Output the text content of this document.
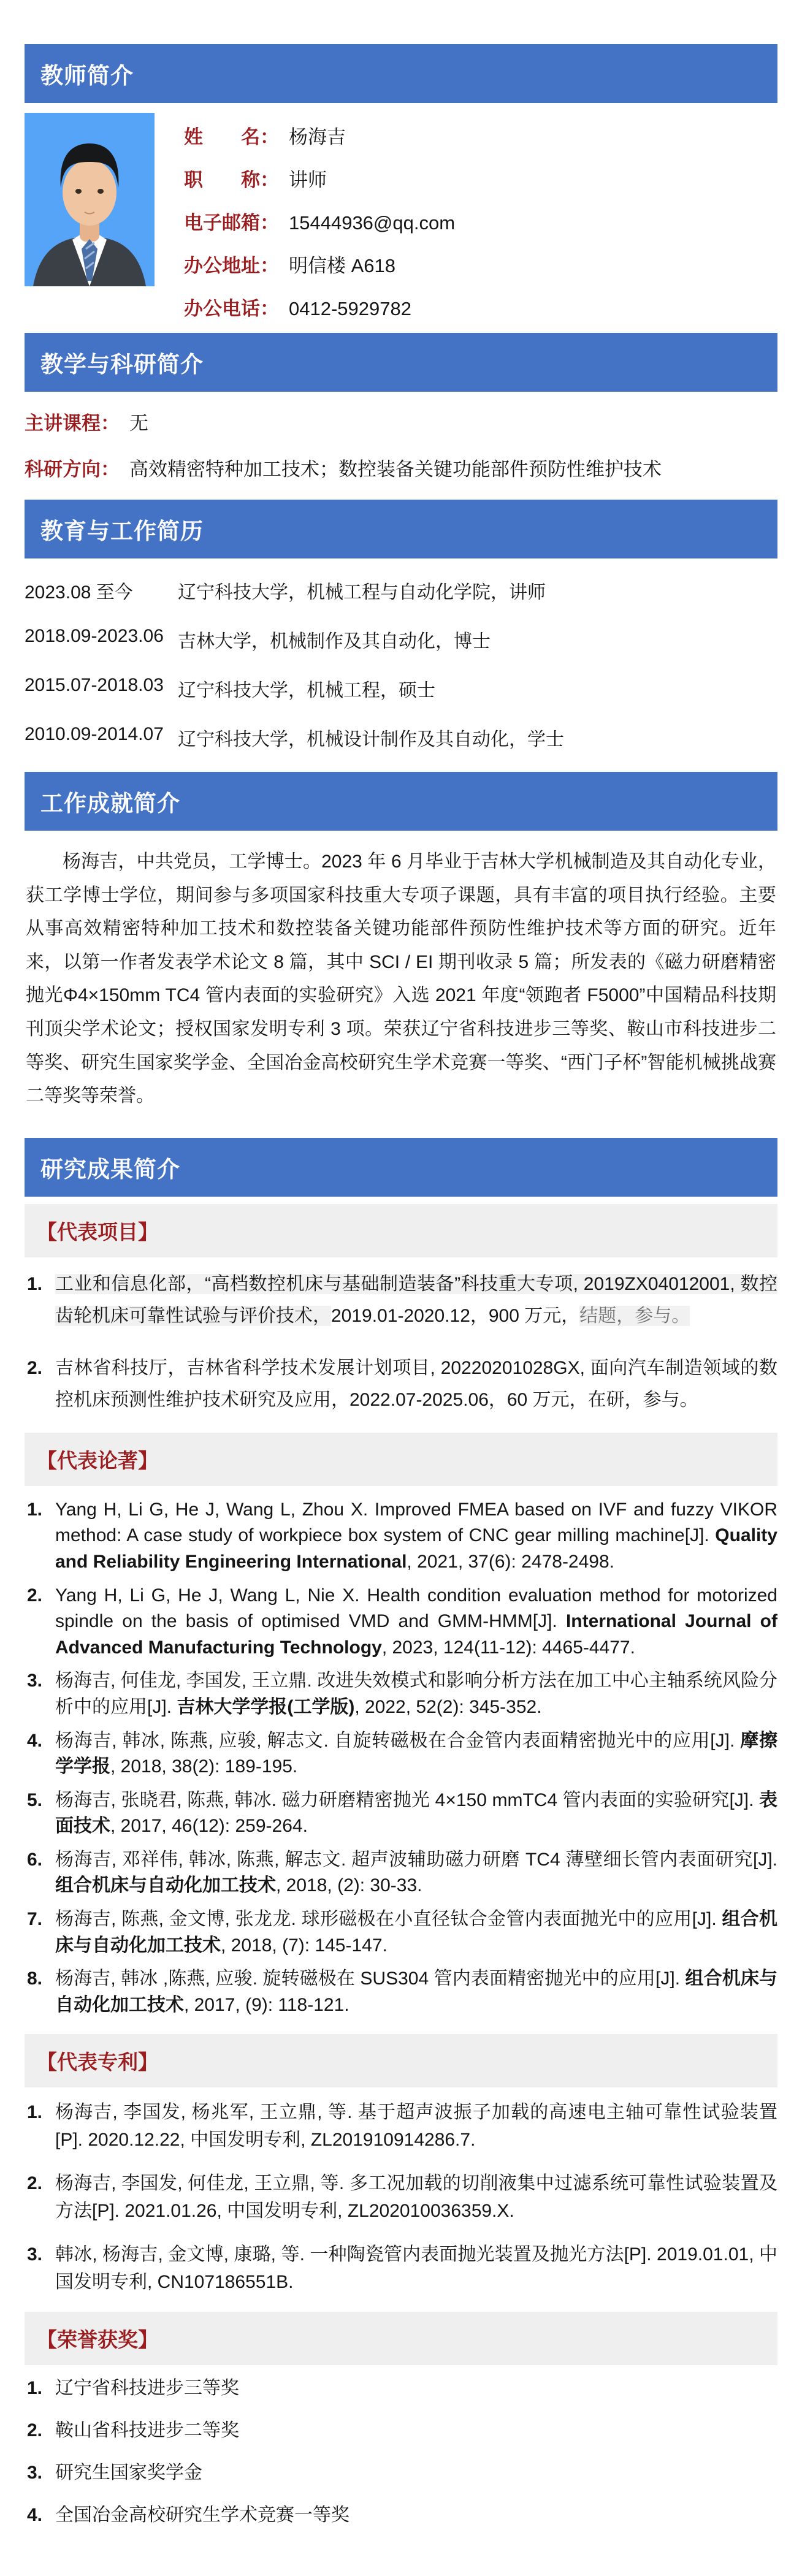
教师简介
姓　　名： 杨海吉
职　　称： 讲师
电子邮箱： 15444936@qq.com
办公地址： 明信楼 A618
办公电话： 0412-5929782
教学与科研简介
主讲课程： 无
科研方向： 高效精密特种加工技术；数控装备关键功能部件预防性维护技术
教育与工作简历
2023.08 至今	辽宁科技大学，机械工程与自动化学院，讲师
2018.09-2023.06 吉林大学，机械制作及其自动化，博士
2015.07-2018.03 辽宁科技大学，机械工程，硕士
2010.09-2014.07 辽宁科技大学，机械设计制作及其自动化，学士
工作成就简介

杨海吉，中共党员，工学博士。2023 年 6 月毕业于吉林大学机械制造及其自动化专业，获工学博士学位，期间参与多项国家科技重大专项子课题，具有丰富的项目执行经验。主要从事高效精密特种加工技术和数控装备关键功能部件预防性维护技术等方面的研究。近年来，以第一作者发表学术论文 8 篇，其中 SCI / EI 期刊收录 5 篇；所发表的《磁力研磨精密抛光Φ4×150mm TC4 管内表面的实验研究》入选 2021 年度“领跑者 F5000”中国精品科技期刊顶尖学术论文；授权国家发明专利 3 项。荣获辽宁省科技进步三等奖、鞍山市科技进步二等奖、研究生国家奖学金、全国冶金高校研究生学术竞赛一等奖、“西门子杯”智能机械挑战赛二等奖等荣誉。

研究成果简介
【代表项目】
1. 工业和信息化部，“高档数控机床与基础制造装备”科技重大专项, 2019ZX04012001, 数控齿轮机床可靠性试验与评价技术，2019.01-2020.12，900 万元，结题，参与。
2. 吉林省科技厅，吉林省科学技术发展计划项目, 20220201028GX, 面向汽车制造领域的数控机床预测性维护技术研究及应用，2022.07-2025.06，60 万元，在研，参与。
【代表论著】
1. Yang H, Li G, He J, Wang L, Zhou X. Improved FMEA based on IVF and fuzzy VIKOR method: A case study of workpiece box system of CNC gear milling machine[J]. Quality and Reliability Engineering International, 2021, 37(6): 2478-2498.
2. Yang H, Li G, He J, Wang L, Nie X. Health condition evaluation method for motorized spindle on the basis of optimised VMD and GMM-HMM[J]. International Journal of Advanced Manufacturing Technology, 2023, 124(11-12): 4465-4477.
3. 杨海吉, 何佳龙, 李国发, 王立鼎. 改进失效模式和影响分析方法在加工中心主轴系统风险分析中的应用[J]. 吉林大学学报(工学版), 2022, 52(2): 345-352.
4. 杨海吉, 韩冰, 陈燕, 应骏, 解志文. 自旋转磁极在合金管内表面精密抛光中的应用[J]. 摩擦学学报, 2018, 38(2): 189-195.
5. 杨海吉, 张晓君, 陈燕, 韩冰. 磁力研磨精密抛光 4×150 mmTC4 管内表面的实验研究[J]. 表面技术, 2017, 46(12): 259-264.
6. 杨海吉, 邓祥伟, 韩冰, 陈燕, 解志文. 超声波辅助磁力研磨 TC4 薄壁细长管内表面研究[J]. 组合机床与自动化加工技术, 2018, (2): 30-33.
7. 杨海吉, 陈燕, 金文博, 张龙龙. 球形磁极在小直径钛合金管内表面抛光中的应用[J]. 组合机床与自动化加工技术, 2018, (7): 145-147.
8. 杨海吉, 韩冰 ,陈燕, 应骏. 旋转磁极在 SUS304 管内表面精密抛光中的应用[J]. 组合机床与自动化加工技术, 2017, (9): 118-121.
【代表专利】
1. 杨海吉, 李国发, 杨兆军, 王立鼎, 等. 基于超声波振子加载的高速电主轴可靠性试验装置[P]. 2020.12.22, 中国发明专利, ZL201910914286.7.
2. 杨海吉, 李国发, 何佳龙, 王立鼎, 等. 多工况加载的切削液集中过滤系统可靠性试验装置及方法[P]. 2021.01.26, 中国发明专利, ZL202010036359.X.
3. 韩冰, 杨海吉, 金文博, 康璐, 等. 一种陶瓷管内表面抛光装置及抛光方法[P]. 2019.01.01, 中国发明专利, CN107186551B.
【荣誉获奖】
1. 辽宁省科技进步三等奖
2. 鞍山省科技进步二等奖
3. 研究生国家奖学金
4. 全国冶金高校研究生学术竞赛一等奖
